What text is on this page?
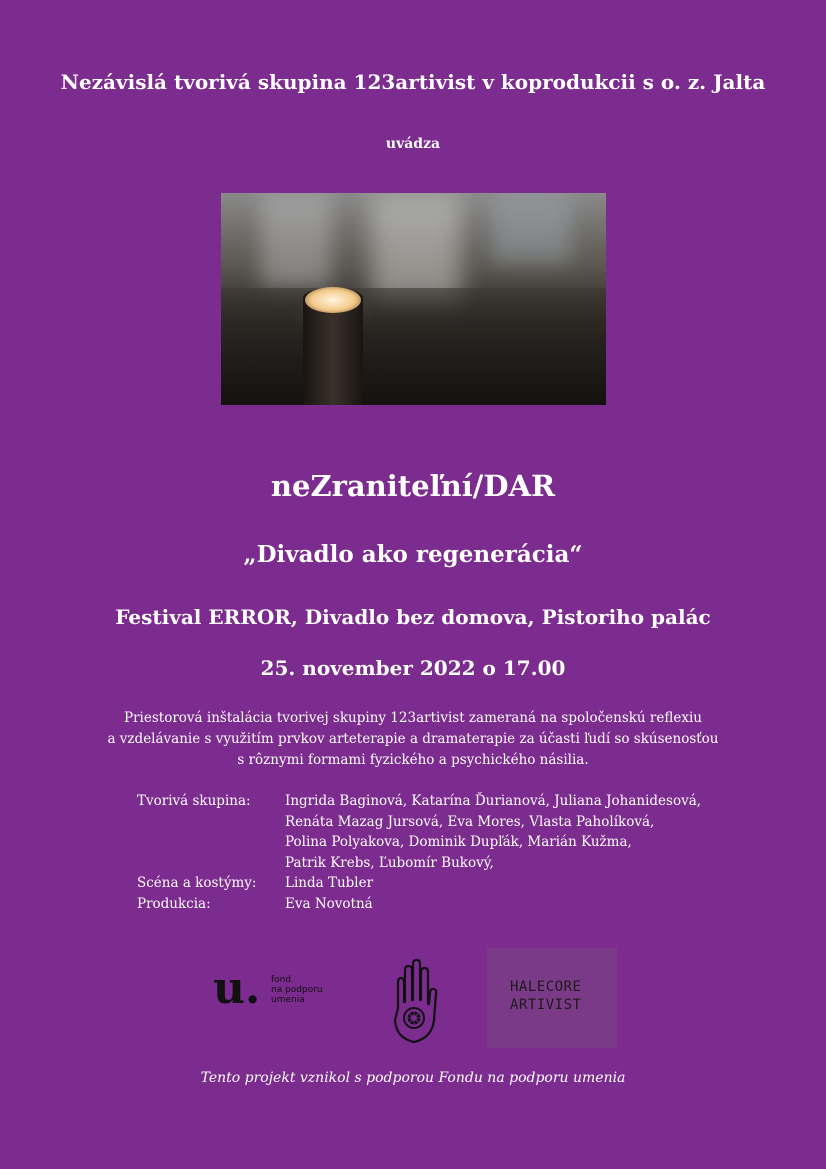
Nezávislá tvorivá skupina 123artivist v koprodukcii s o. z. Jalta
uvádza
neZraniteľní/DAR
„Divadlo ako regenerácia“
Festival ERROR, Divadlo bez domova, Pistoriho palác
25. november 2022 o 17.00
Priestorová inštalácia tvorivej skupiny 123artivist zameraná na spoločenskú reflexiu
a vzdelávanie s využitím prvkov arteterapie a dramaterapie za účasti ľudí so skúsenosťou
s rôznymi formami fyzického a psychického násilia.
Tvorivá skupina:	Ingrida Baginová, Katarína Ďurianová, Juliana Johanidesová,
Renáta Mazag Jursová, Eva Mores, Vlasta Paholíková,
Polina Polyakova, Dominik Dupľák, Marián Kužma,
Patrik Krebs, Ľubomír Bukový,
Scéna a kostýmy: Linda Tubler
Produkcia:	Eva Novotná
u. fond
na podporu
umenia
HALECORE
ARTIVIST
Tento projekt vznikol s podporou Fondu na podporu umenia
